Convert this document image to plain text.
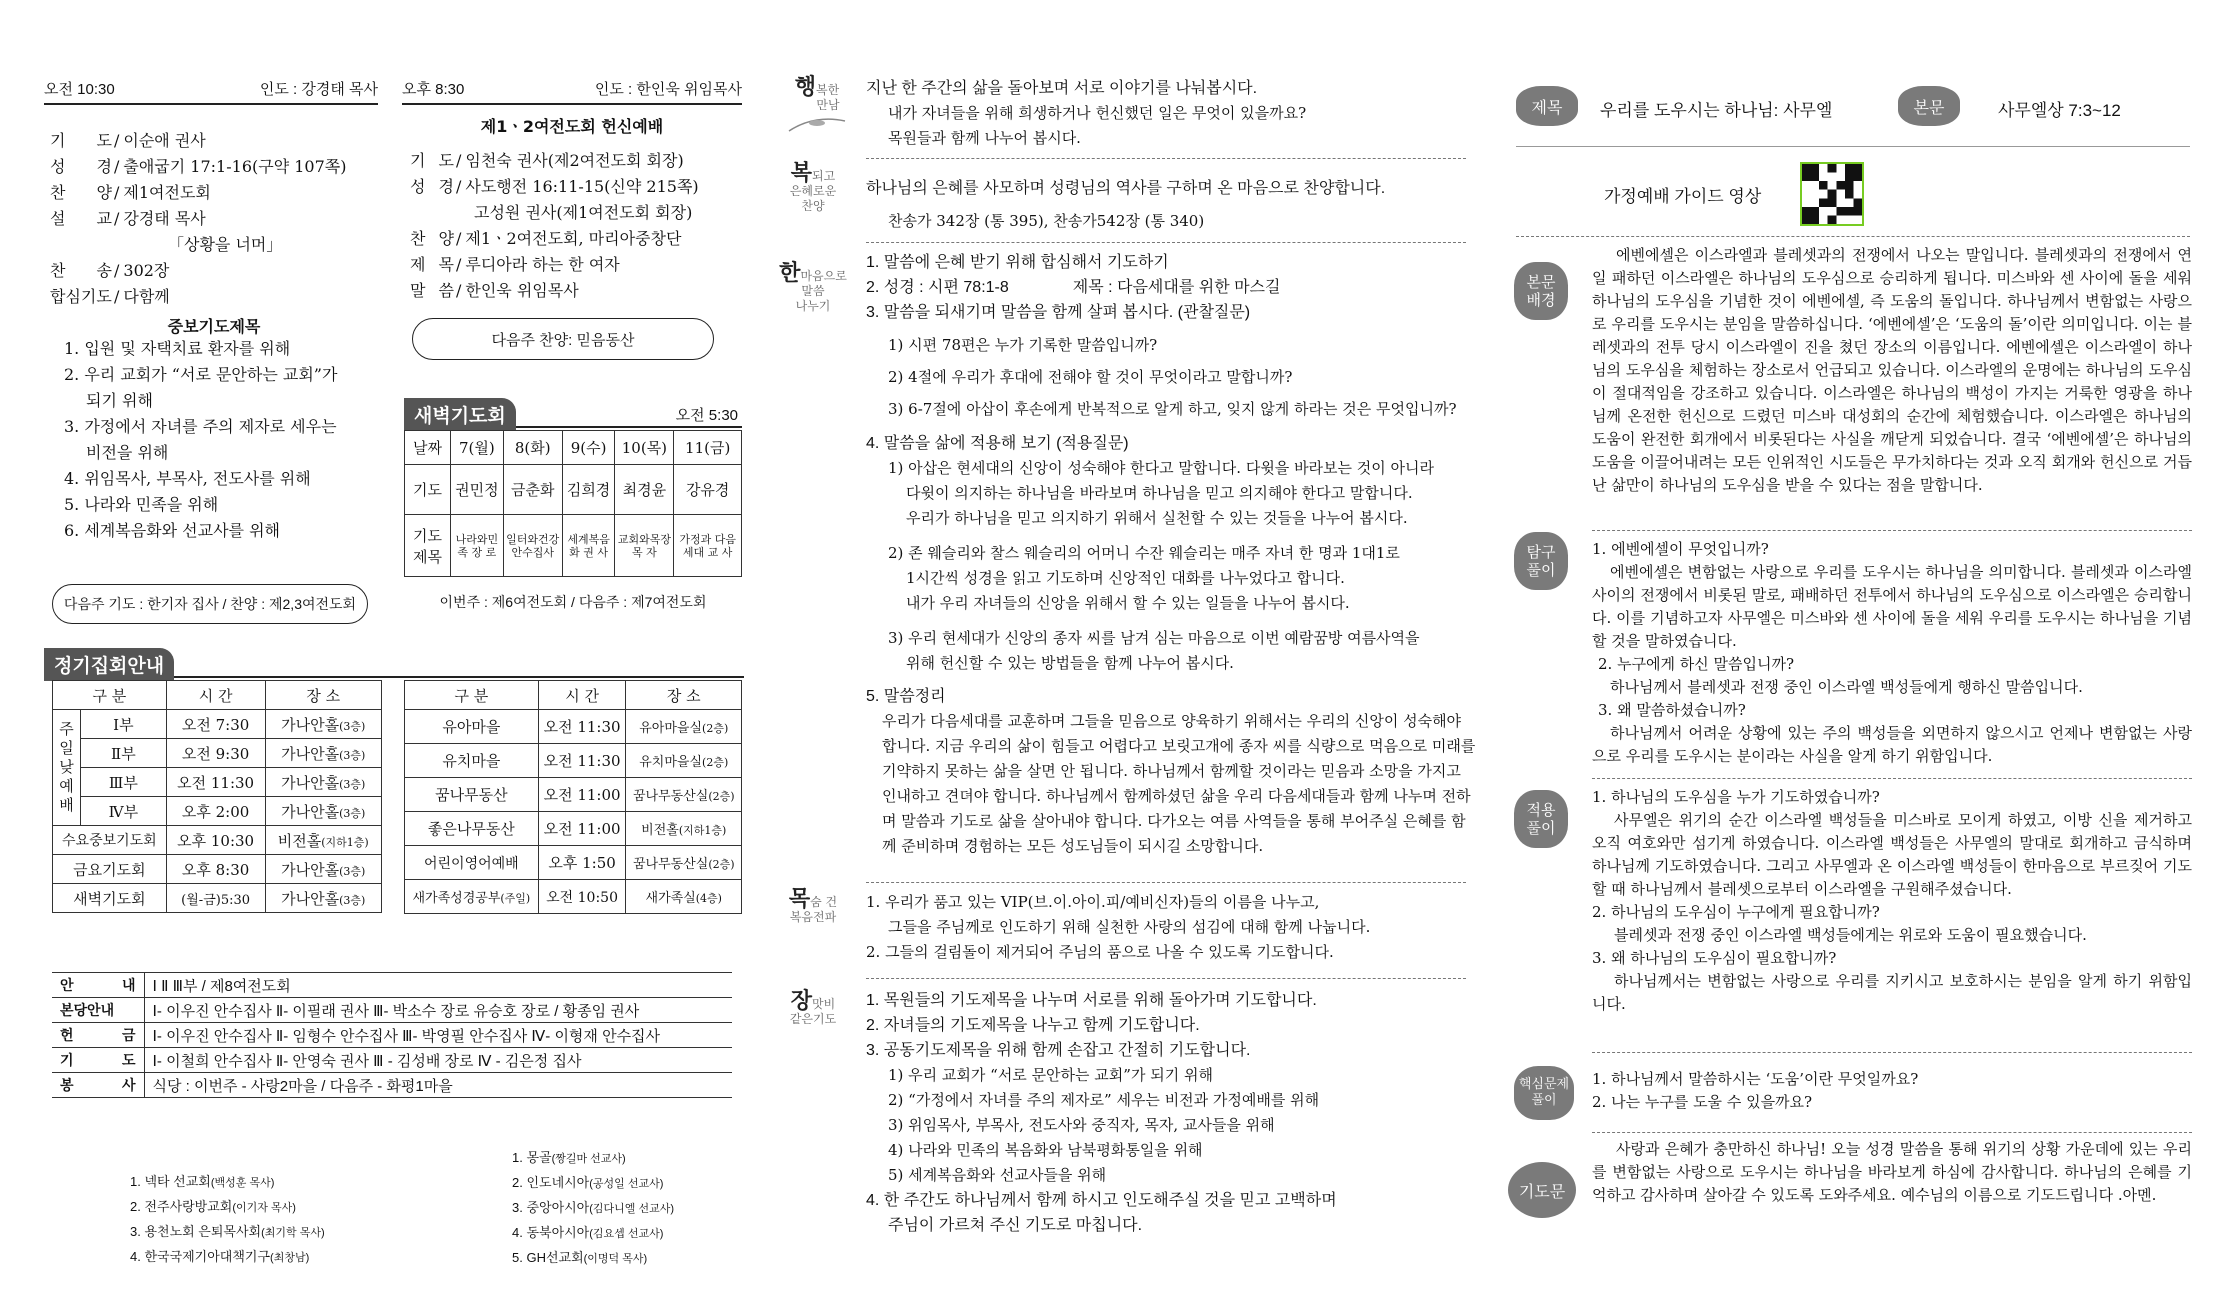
오전 10:30	인도 : 강경태 목사
기 도 / 이순애 권사
성 경 / 출애굽기 17:1-16(구약 107쪽)
찬 양 / 제1여전도회
설 교 / 강경태 목사
「상황을 너머」
찬 송 / 302장
합심기도 / 다함께
중보기도제목
1. 입원 및 자택치료 환자를 위해
2. 우리 교회가 “서로 문안하는 교회”가
되기 위해
3. 가정에서 자녀를 주의 제자로 세우는
비전을 위해
4. 위임목사, 부목사, 전도사를 위해
5. 나라와 민족을 위해
6. 세계복음화와 선교사를 위해
다음주 기도 : 한기자 집사 / 찬양 : 제2,3여전도회
오후 8:30	인도 : 한인욱 위임목사
제1ㆍ2여전도회 헌신예배
기 도 / 임천숙 권사(제2여전도회 회장)
성 경 / 사도행전 16:11-15(신약 215쪽)
고성원 권사(제1여전도회 회장)
찬 양 / 제1ㆍ2여전도회, 마리아중창단
제 목 / 루디아라 하는 한 여자
말 씀 / 한인욱 위임목사
다음주 찬양: 믿음동산
새벽기도회	오전 5:30
날짜	7(월)	8(화)	9(수)	10(목)	11(금)
기도	권민정	금춘화	김희경	최경윤	강유경
기도 제목	나라와민족 장 로	일터와건강 안수집사	세계복음화 권 사	교회와목장 목 자	가정과 다음세대 교 사
이번주 : 제6여전도회 / 다음주 : 제7여전도회
정기집회안내
구 분		시 간	장 소
주일낮예배	Ⅰ부	오전 7:30	가나안홀(3층)
	Ⅱ부	오전 9:30	가나안홀(3층)
	Ⅲ부	오전 11:30	가나안홀(3층)
	Ⅳ부	오후 2:00	가나안홀(3층)
수요중보기도회		오후 10:30	비전홀(지하1층)
금요기도회		오후 8:30	가나안홀(3층)
새벽기도회		(월-금)5:30	가나안홀(3층)
구 분	시 간	장 소
유아마을	오전 11:30	유아마을실(2층)
유치마을	오전 11:30	유치마을실(2층)
꿈나무동산	오전 11:00	꿈나무동산실(2층)
좋은나무동산	오전 11:00	비전홀(지하1층)
어린이영어예배	오후 1:50	꿈나무동산실(2층)
새가족성경공부(주일)	오전 10:50	새가족실(4층)
안 내	Ⅰ Ⅱ Ⅲ부 / 제8여전도회
본당안내	Ⅰ- 이우진 안수집사 Ⅱ- 이필래 권사 Ⅲ- 박소수 장로 유승호 장로 / 황종임 권사
헌 금	Ⅰ- 이우진 안수집사 Ⅱ- 임형수 안수집사 Ⅲ- 박영필 안수집사 Ⅳ- 이형재 안수집사
기 도	Ⅰ- 이철희 안수집사 Ⅱ- 안영숙 권사 Ⅲ - 김성배 장로 Ⅳ - 김은정 집사
봉 사	식당 : 이번주 - 사랑2마을 / 다음주 - 화평1마을
1. 넥타 선교회(백성훈 목사)
2. 전주사랑방교회(이기자 목사)
3. 용천노회 은퇴목사회(최기학 목사)
4. 한국국제기아대책기구(최창남)
1. 몽골(짱길마 선교사)
2. 인도네시아(공성일 선교사)
3. 중앙아시아(김다니엘 선교사)
4. 동북아시아(김요셉 선교사)
5. GH선교회(이명덕 목사)
행복한
만남
지난 한 주간의 삶을 돌아보며 서로 이야기를 나눠봅시다.
내가 자녀들을 위해 희생하거나 헌신했던 일은 무엇이 있을까요?
목원들과 함께 나누어 봅시다.
복되고
은혜로운
찬양
하나님의 은혜를 사모하며 성령님의 역사를 구하며 온 마음으로 찬양합니다.
찬송가 342장 (통 395), 찬송가542장 (통 340)
한마음으로
말씀
나누기
1. 말씀에 은혜 받기 위해 합심해서 기도하기
2. 성경 : 시편 78:1-8	제목 : 다음세대를 위한 마스길
3. 말씀을 되새기며 말씀을 함께 살펴 봅시다. (관찰질문)
1) 시편 78편은 누가 기록한 말씀입니까?
2) 4절에 우리가 후대에 전해야 할 것이 무엇이라고 말합니까?
3) 6-7절에 아삽이 후손에게 반복적으로 알게 하고, 잊지 않게 하라는 것은 무엇입니까?
4. 말씀을 삶에 적용해 보기 (적용질문)
1) 아삽은 현세대의 신앙이 성숙해야 한다고 말합니다. 다윗을 바라보는 것이 아니라
다윗이 의지하는 하나님을 바라보며 하나님을 믿고 의지해야 한다고 말합니다.
우리가 하나님을 믿고 의지하기 위해서 실천할 수 있는 것들을 나누어 봅시다.
2) 존 웨슬리와 찰스 웨슬리의 어머니 수잔 웨슬리는 매주 자녀 한 명과 1대1로
1시간씩 성경을 읽고 기도하며 신앙적인 대화를 나누었다고 합니다.
내가 우리 자녀들의 신앙을 위해서 할 수 있는 일들을 나누어 봅시다.
3) 우리 현세대가 신앙의 종자 씨를 남겨 심는 마음으로 이번 예람꿈방 여름사역을
위해 헌신할 수 있는 방법들을 함께 나누어 봅시다.
5. 말씀정리
우리가 다음세대를 교훈하며 그들을 믿음으로 양육하기 위해서는 우리의 신앙이 성숙해야 합니다. 지금 우리의 삶이 힘들고 어렵다고 보릿고개에 종자 씨를 식량으로 먹음으로 미래를 기약하지 못하는 삶을 살면 안 됩니다. 하나님께서 함께할 것이라는 믿음과 소망을 가지고 인내하고 견뎌야 합니다. 하나님께서 함께하셨던 삶을 우리 다음세대들과 함께 나누며 전하며 말씀과 기도로 삶을 살아내야 합니다. 다가오는 여름 사역들을 통해 부어주실 은혜를 함께 준비하며 경험하는 모든 성도님들이 되시길 소망합니다.
목숨 건
복음전파
1. 우리가 품고 있는 VIP(브.이.아이.피/예비신자)들의 이름을 나누고,
그들을 주님께로 인도하기 위해 실천한 사랑의 섬김에 대해 함께 나눕니다.
2. 그들의 걸림돌이 제거되어 주님의 품으로 나올 수 있도록 기도합니다.
장맛비
같은기도
1. 목원들의 기도제목을 나누며 서로를 위해 돌아가며 기도합니다.
2. 자녀들의 기도제목을 나누고 함께 기도합니다.
3. 공동기도제목을 위해 함께 손잡고 간절히 기도합니다.
1) 우리 교회가 “서로 문안하는 교회”가 되기 위해
2) “가정에서 자녀를 주의 제자로” 세우는 비전과 가정예배를 위해
3) 위임목사, 부목사, 전도사와 중직자, 목자, 교사들을 위해
4) 나라와 민족의 복음화와 남북평화통일을 위해
5) 세계복음화와 선교사들을 위해
4. 한 주간도 하나님께서 함께 하시고 인도해주실 것을 믿고 고백하며
주님이 가르쳐 주신 기도로 마칩니다.
제목	우리를 도우시는 하나님: 사무엘	본문	사무엘상 7:3~12
가정예배 가이드 영상
본문 배경
에벤에셀은 이스라엘과 블레셋과의 전쟁에서 나오는 말입니다. 블레셋과의 전쟁에서 연일 패하던 이스라엘은 하나님의 도우심으로 승리하게 됩니다. 미스바와 센 사이에 돌을 세워 하나님의 도우심을 기념한 것이 에벤에셀, 즉 도움의 돌입니다. 하나님께서 변함없는 사랑으로 우리를 도우시는 분임을 말씀하십니다. ‘에벤에셀’은 ‘도움의 돌’이란 의미입니다. 이는 블레셋과의 전투 당시 이스라엘이 진을 쳤던 장소의 이름입니다. 에벤에셀은 이스라엘이 하나님의 도우심을 체험하는 장소로서 언급되고 있습니다. 이스라엘의 운명에는 하나님의 도우심이 절대적임을 강조하고 있습니다. 이스라엘은 하나님의 백성이 가지는 거룩한 영광을 하나님께 온전한 헌신으로 드렸던 미스바 대성회의 순간에 체험했습니다. 이스라엘은 하나님의 도움이 완전한 회개에서 비롯된다는 사실을 깨닫게 되었습니다. 결국 ‘에벤에셀’은 하나님의 도움을 이끌어내려는 모든 인위적인 시도들은 무가치하다는 것과 오직 회개와 헌신으로 거듭난 삶만이 하나님의 도우심을 받을 수 있다는 점을 말합니다.
탐구 풀이
1. 에벤에셀이 무엇입니까?
에벤에셀은 변함없는 사랑으로 우리를 도우시는 하나님을 의미합니다. 블레셋과 이스라엘 사이의 전쟁에서 비롯된 말로, 패배하던 전투에서 하나님의 도우심으로 이스라엘은 승리합니다. 이를 기념하고자 사무엘은 미스바와 센 사이에 돌을 세워 우리를 도우시는 하나님을 기념할 것을 말하였습니다.
2. 누구에게 하신 말씀입니까?
하나님께서 블레셋과 전쟁 중인 이스라엘 백성들에게 행하신 말씀입니다.
3. 왜 말씀하셨습니까?
하나님께서 어려운 상황에 있는 주의 백성들을 외면하지 않으시고 언제나 변함없는 사랑으로 우리를 도우시는 분이라는 사실을 알게 하기 위함입니다.
적용 풀이
1. 하나님의 도우심을 누가 기도하였습니까?
사무엘은 위기의 순간 이스라엘 백성들을 미스바로 모이게 하였고, 이방 신을 제거하고 오직 여호와만 섬기게 하였습니다. 이스라엘 백성들은 사무엘의 말대로 회개하고 금식하며 하나님께 기도하였습니다. 그리고 사무엘과 온 이스라엘 백성들이 한마음으로 부르짖어 기도할 때 하나님께서 블레셋으로부터 이스라엘을 구원해주셨습니다.
2. 하나님의 도우심이 누구에게 필요합니까?
블레셋과 전쟁 중인 이스라엘 백성들에게는 위로와 도움이 필요했습니다.
3. 왜 하나님의 도우심이 필요합니까?
하나님께서는 변함없는 사랑으로 우리를 지키시고 보호하시는 분임을 알게 하기 위함입니다.
핵심문제 풀이
1. 하나님께서 말씀하시는 ‘도움’이란 무엇일까요?
2. 나는 누구를 도울 수 있을까요?
기도문
사랑과 은혜가 충만하신 하나님! 오늘 성경 말씀을 통해 위기의 상황 가운데에 있는 우리를 변함없는 사랑으로 도우시는 하나님을 바라보게 하심에 감사합니다. 하나님의 은혜를 기억하고 감사하며 살아갈 수 있도록 도와주세요. 예수님의 이름으로 기도드립니다 .아멘.
